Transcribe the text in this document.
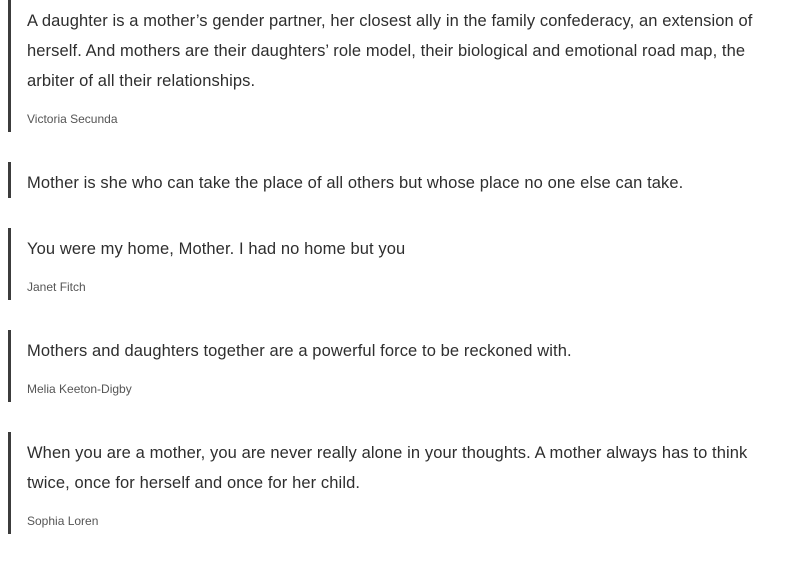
A daughter is a mother’s gender partner, her closest ally in the family confederacy, an extension of herself. And mothers are their daughters’ role model, their biological and emotional road map, the arbiter of all their relationships.
Victoria Secunda
Mother is she who can take the place of all others but whose place no one else can take.
You were my home, Mother. I had no home but you
Janet Fitch
Mothers and daughters together are a powerful force to be reckoned with.
Melia Keeton-Digby
When you are a mother, you are never really alone in your thoughts. A mother always has to think twice, once for herself and once for her child.
Sophia Loren
